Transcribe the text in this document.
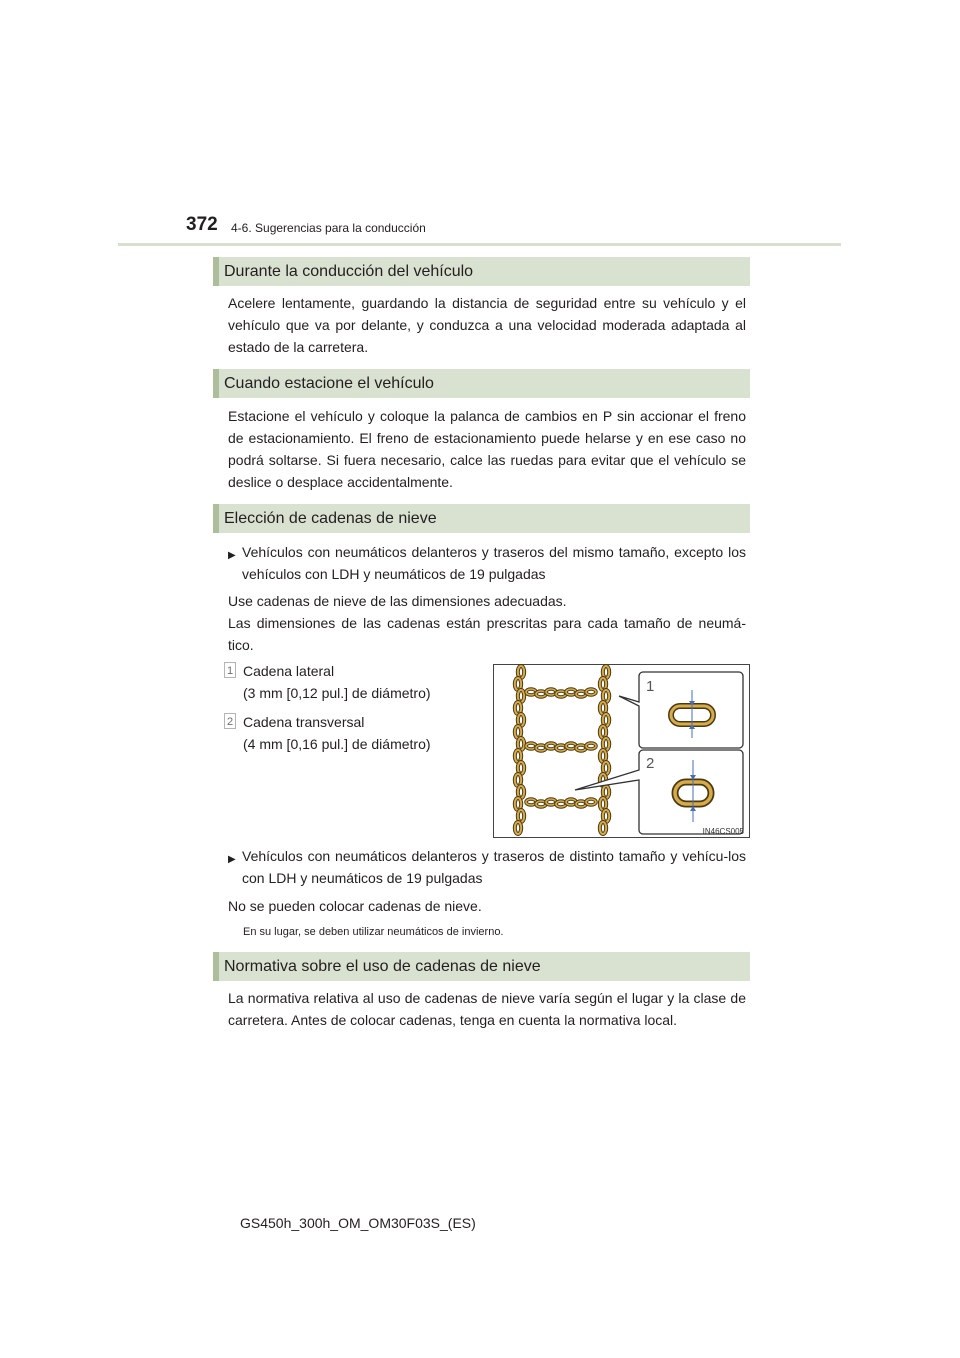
372 4-6. Sugerencias para la conducción
Durante la conducción del vehículo
Acelere lentamente, guardando la distancia de seguridad entre su vehículo y el vehículo que va por delante, y conduzca a una velocidad moderada adaptada al estado de la carretera.
Cuando estacione el vehículo
Estacione el vehículo y coloque la palanca de cambios en P sin accionar el freno de estacionamiento. El freno de estacionamiento puede helarse y en ese caso no podrá soltarse. Si fuera necesario, calce las ruedas para evitar que el vehículo se deslice o desplace accidentalmente.
Elección de cadenas de nieve
▶ Vehículos con neumáticos delanteros y traseros del mismo tamaño, excepto los vehículos con LDH y neumáticos de 19 pulgadas
Use cadenas de nieve de las dimensiones adecuadas.
Las dimensiones de las cadenas están prescritas para cada tamaño de neumá-tico.
1 Cadena lateral
(3 mm [0,12 pul.] de diámetro)
2 Cadena transversal
(4 mm [0,16 pul.] de diámetro)
1
2
IN46CS005
▶ Vehículos con neumáticos delanteros y traseros de distinto tamaño y vehícu-los con LDH y neumáticos de 19 pulgadas
No se pueden colocar cadenas de nieve.
En su lugar, se deben utilizar neumáticos de invierno.
Normativa sobre el uso de cadenas de nieve
La normativa relativa al uso de cadenas de nieve varía según el lugar y la clase de carretera. Antes de colocar cadenas, tenga en cuenta la normativa local.
GS450h_300h_OM_OM30F03S_(ES)
